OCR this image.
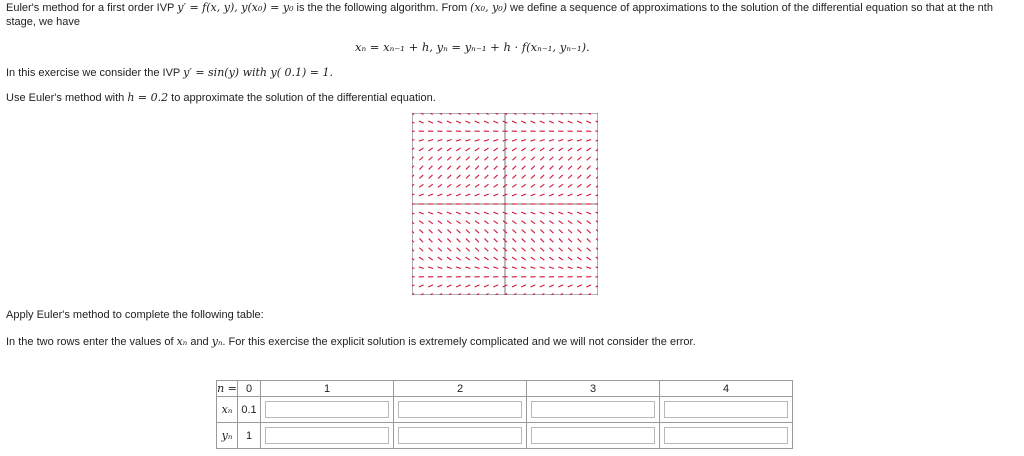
Euler's method for a first order IVP y′ = f(x, y), y(x₀) = y₀ is the the following algorithm. From (x₀, y₀) we define a sequence of approximations to the solution of the differential equation so that at the nth stage, we have
xₙ = xₙ₋₁ + h, yₙ = yₙ₋₁ + h · f(xₙ₋₁, yₙ₋₁).
In this exercise we consider the IVP y′ = sin(y) with y( 0.1) = 1.
Use Euler's method with h = 0.2 to approximate the solution of the differential equation.
Apply Euler's method to complete the following table:
In the two rows enter the values of xₙ and yₙ. For this exercise the explicit solution is extremely complicated and we will not consider the error.
n =	0	1	2	3	4
xₙ	0.1				
yₙ	1				
